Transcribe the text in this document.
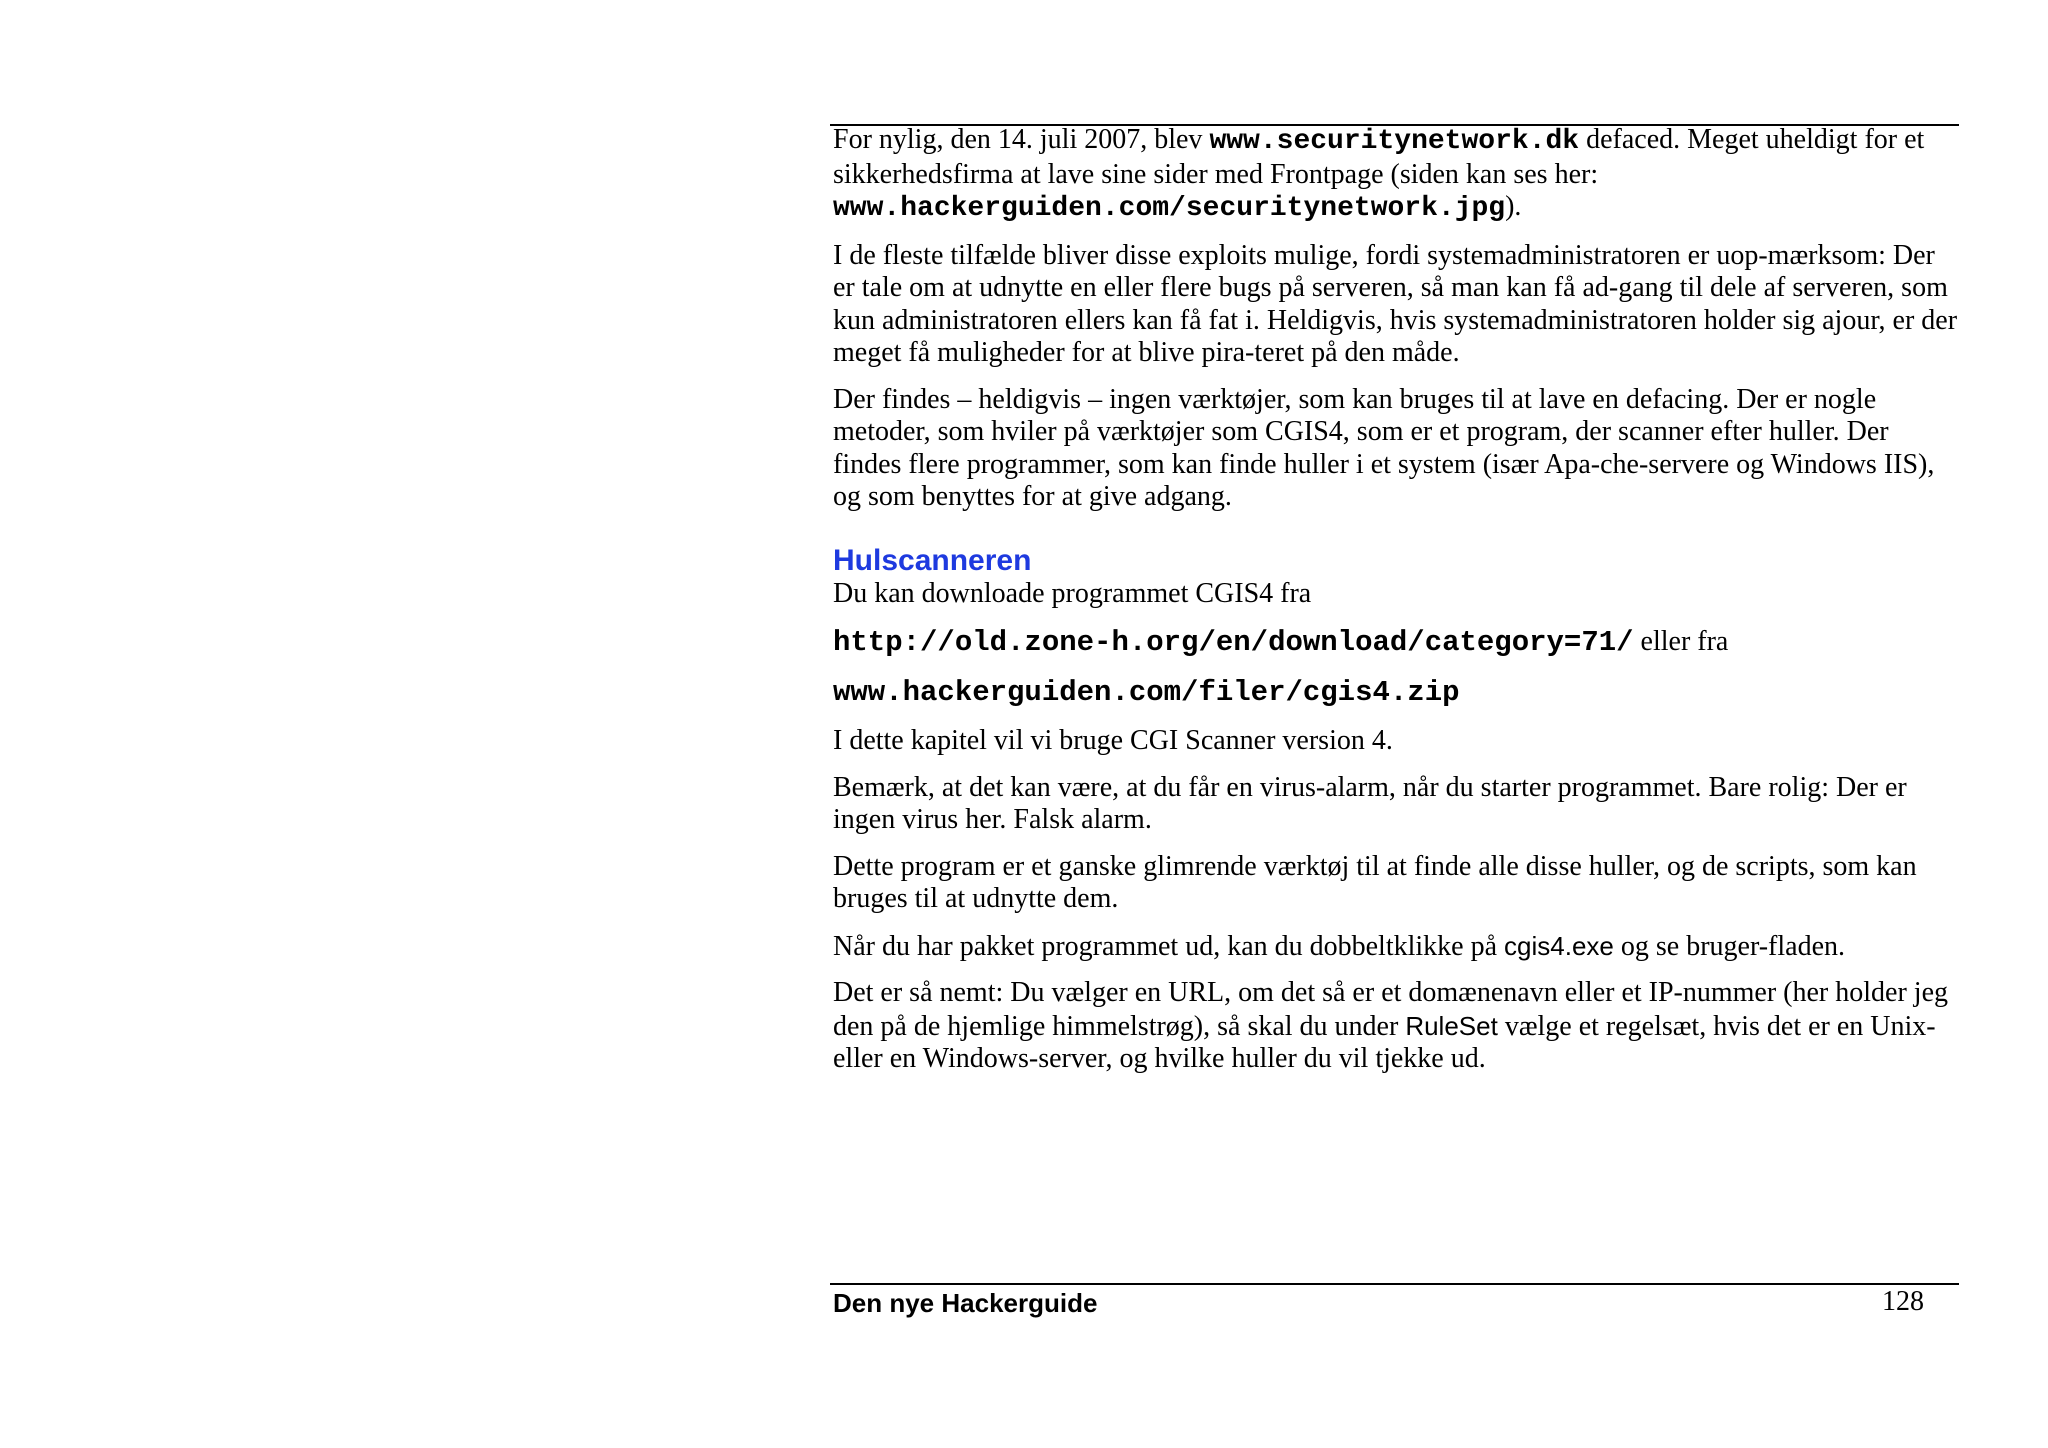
For nylig, den 14. juli 2007, blev www.securitynetwork.dk defaced. Meget uheldigt for et sikkerhedsfirma at lave sine sider med Frontpage (siden kan ses her: www.hackerguiden.com/securitynetwork.jpg).

I de fleste tilfælde bliver disse exploits mulige, fordi systemadministratoren er uop-mærksom: Der er tale om at udnytte en eller flere bugs på serveren, så man kan få ad-gang til dele af serveren, som kun administratoren ellers kan få fat i. Heldigvis, hvis systemadministratoren holder sig ajour, er der meget få muligheder for at blive pira-teret på den måde.

Der findes – heldigvis – ingen værktøjer, som kan bruges til at lave en defacing. Der er nogle metoder, som hviler på værktøjer som CGIS4, som er et program, der scanner efter huller. Der findes flere programmer, som kan finde huller i et system (især Apa-che-servere og Windows IIS), og som benyttes for at give adgang.

Hulscanneren

Du kan downloade programmet CGIS4 fra

http://old.zone-h.org/en/download/category=71/ eller fra

www.hackerguiden.com/filer/cgis4.zip

I dette kapitel vil vi bruge CGI Scanner version 4.

Bemærk, at det kan være, at du får en virus-alarm, når du starter programmet. Bare rolig: Der er ingen virus her. Falsk alarm.

Dette program er et ganske glimrende værktøj til at finde alle disse huller, og de scripts, som kan bruges til at udnytte dem.

Når du har pakket programmet ud, kan du dobbeltklikke på cgis4.exe og se bruger-fladen.

Det er så nemt: Du vælger en URL, om det så er et domænenavn eller et IP-nummer (her holder jeg den på de hjemlige himmelstrøg), så skal du under RuleSet vælge et regelsæt, hvis det er en Unix- eller en Windows-server, og hvilke huller du vil tjekke ud.

Den nye Hackerguide	128
